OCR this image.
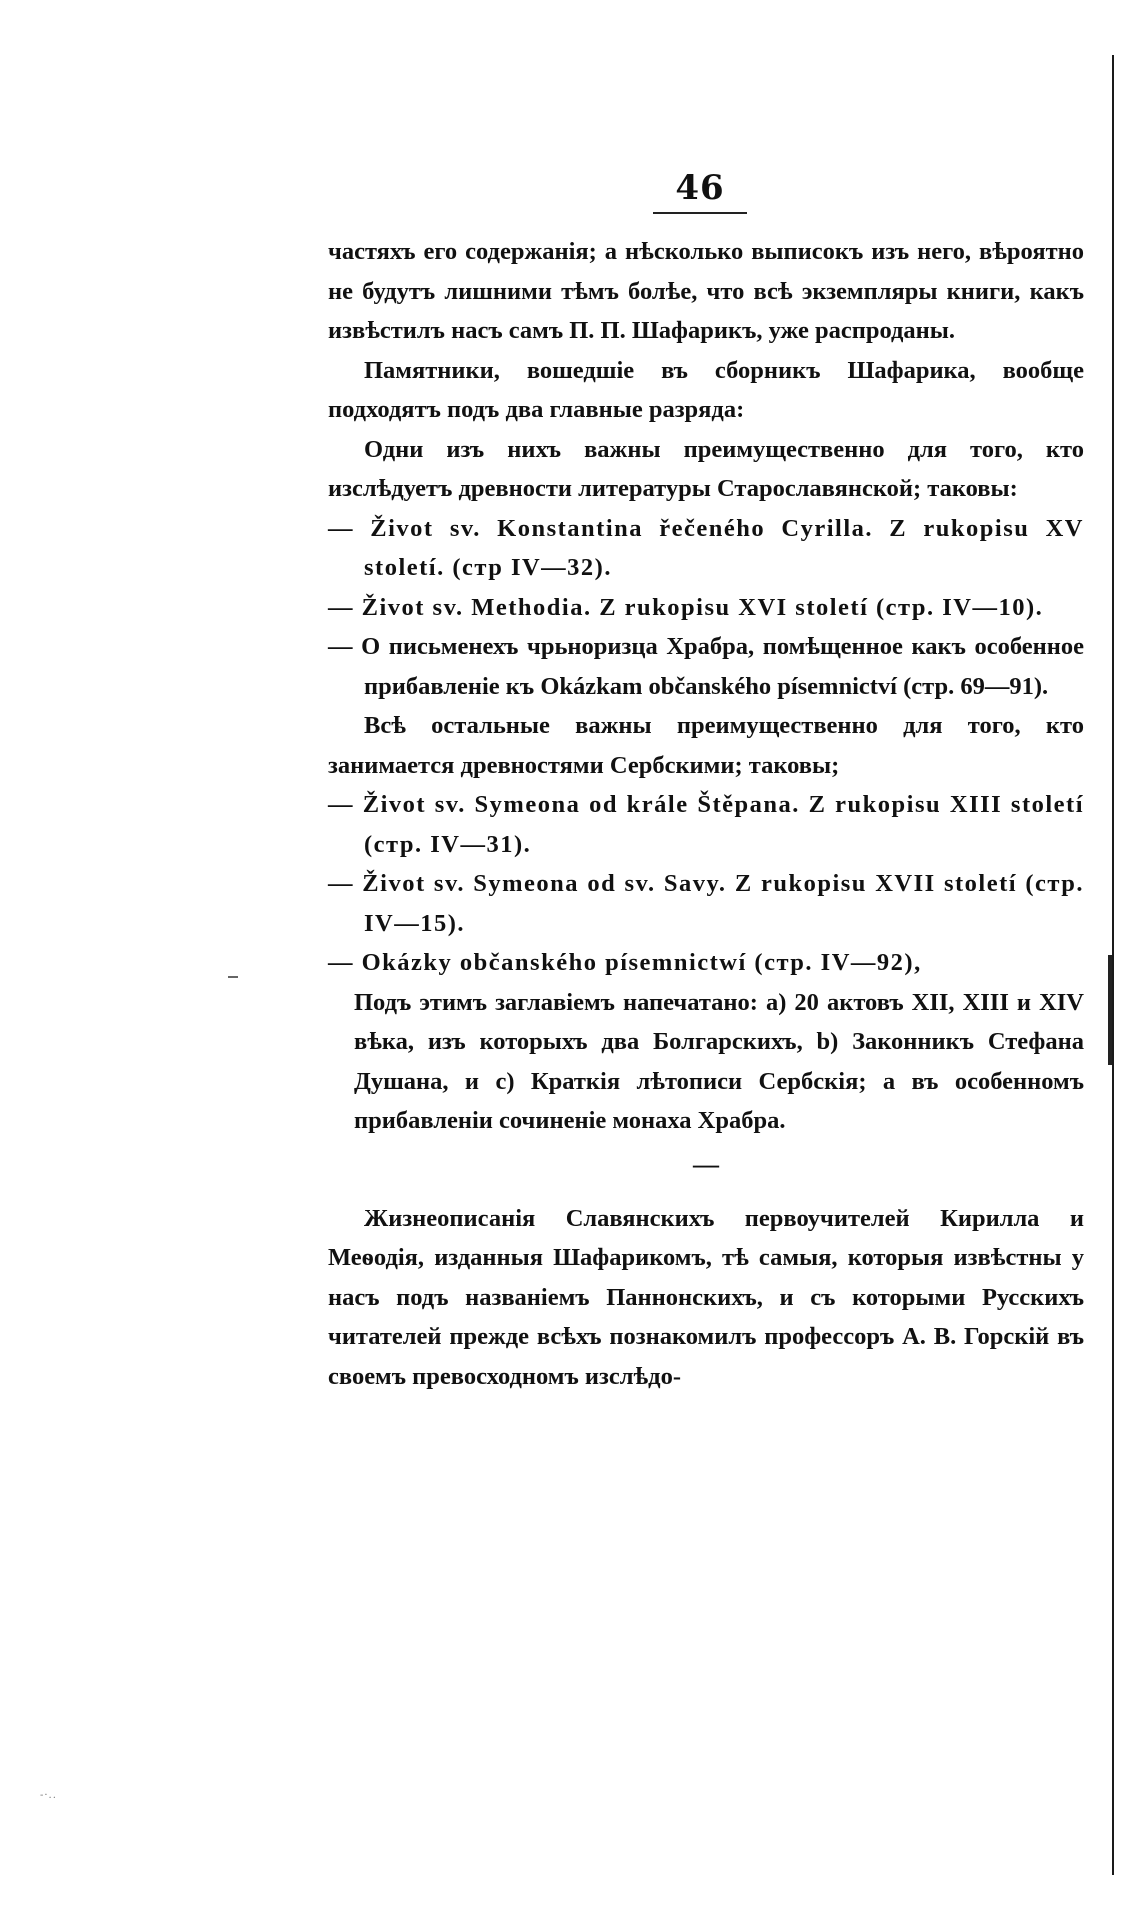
-·..
46

частяхъ его содержанія; а нѣсколько выписокъ изъ него, вѣроятно не будутъ лишними тѣмъ болѣе, что всѣ экземпляры книги, какъ извѣстилъ насъ самъ П. П. Шафарикъ, уже распроданы.

Памятники, вошедшіе въ сборникъ Шафарика, вообще подходятъ подъ два главные разряда:

Одни изъ нихъ важны преимущественно для того, кто изслѣдуетъ древности литературы Старославянской; таковы:

— Život sv. Konstantina řečeného Cyrilla. Z rukopisu XV století. (стр IV—32).

— Život sv. Methodia. Z rukopisu XVI století (стр. IV—10).

— О письменехъ чрьноризца Храбра, помѣщенное какъ особенное прибавленіе къ Okázkam občanského písemnictví (стр. 69—91).

Всѣ остальные важны преимущественно для того, кто занимается древностями Сербскими; таковы;

— Život sv. Symeona od krále Štěpana. Z rukopisu XIII století (стр. IV—31).

— Život sv. Symeona od sv. Savy. Z rukopisu XVII století (стр. IV—15).

— Okázky občanského písemnictwí (стр. IV—92),

Подъ этимъ заглавіемъ напечатано: a) 20 актовъ XII, XIII и XIV вѣка, изъ которыхъ два Болгарскихъ, b) Законникъ Стефана Душана, и c) Краткія лѣтописи Сербскія; а въ особенномъ прибавленіи сочиненіе монаха Храбра.

—

Жизнеописанія Славянскихъ первоучителей Кирилла и Меѳодія, изданныя Шафарикомъ, тѣ самыя, которыя извѣстны у насъ подъ названіемъ Паннонскихъ, и съ которыми Русскихъ читателей прежде всѣхъ познакомилъ профессоръ А. В. Горскій въ своемъ превосходномъ изслѣдо-
